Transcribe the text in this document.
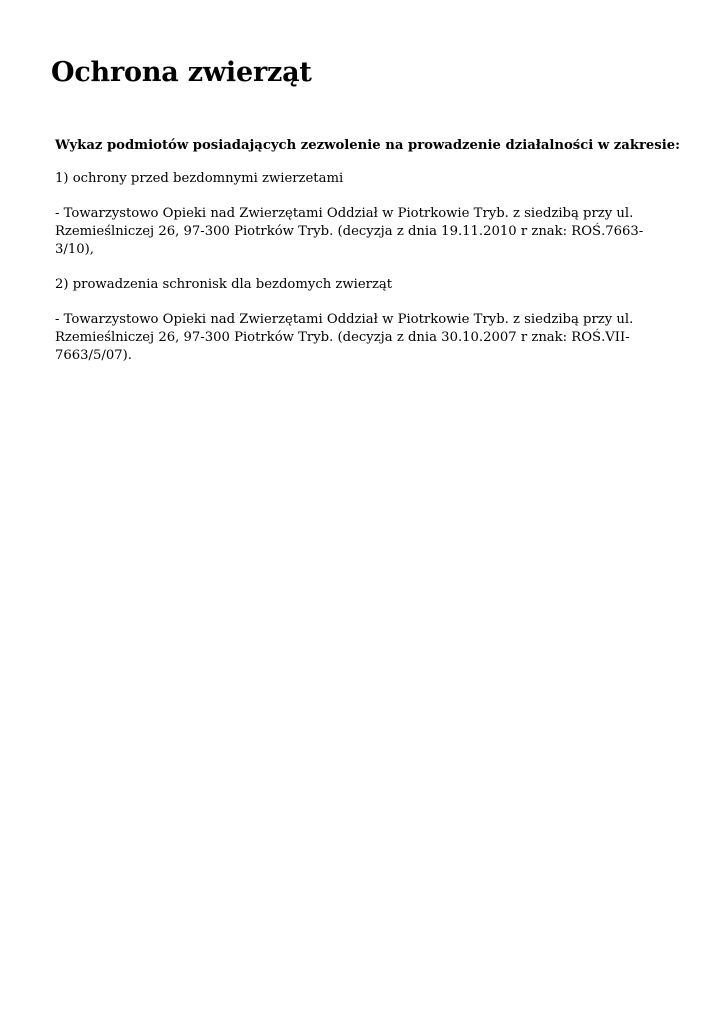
Ochrona zwierząt

Wykaz podmiotów posiadających zezwolenie na prowadzenie działalności w zakresie:

1) ochrony przed bezdomnymi zwierzetami

- Towarzystowo Opieki nad Zwierzętami Oddział w Piotrkowie Tryb. z siedzibą przy ul.
Rzemieślniczej 26, 97-300 Piotrków Tryb. (decyzja z dnia 19.11.2010 r znak: ROŚ.7663-3/10),

2) prowadzenia schronisk dla bezdomych zwierząt

- Towarzystowo Opieki nad Zwierzętami Oddział w Piotrkowie Tryb. z siedzibą przy ul.
Rzemieślniczej 26, 97-300 Piotrków Tryb. (decyzja z dnia 30.10.2007 r znak: ROŚ.VII-7663/5/07).
